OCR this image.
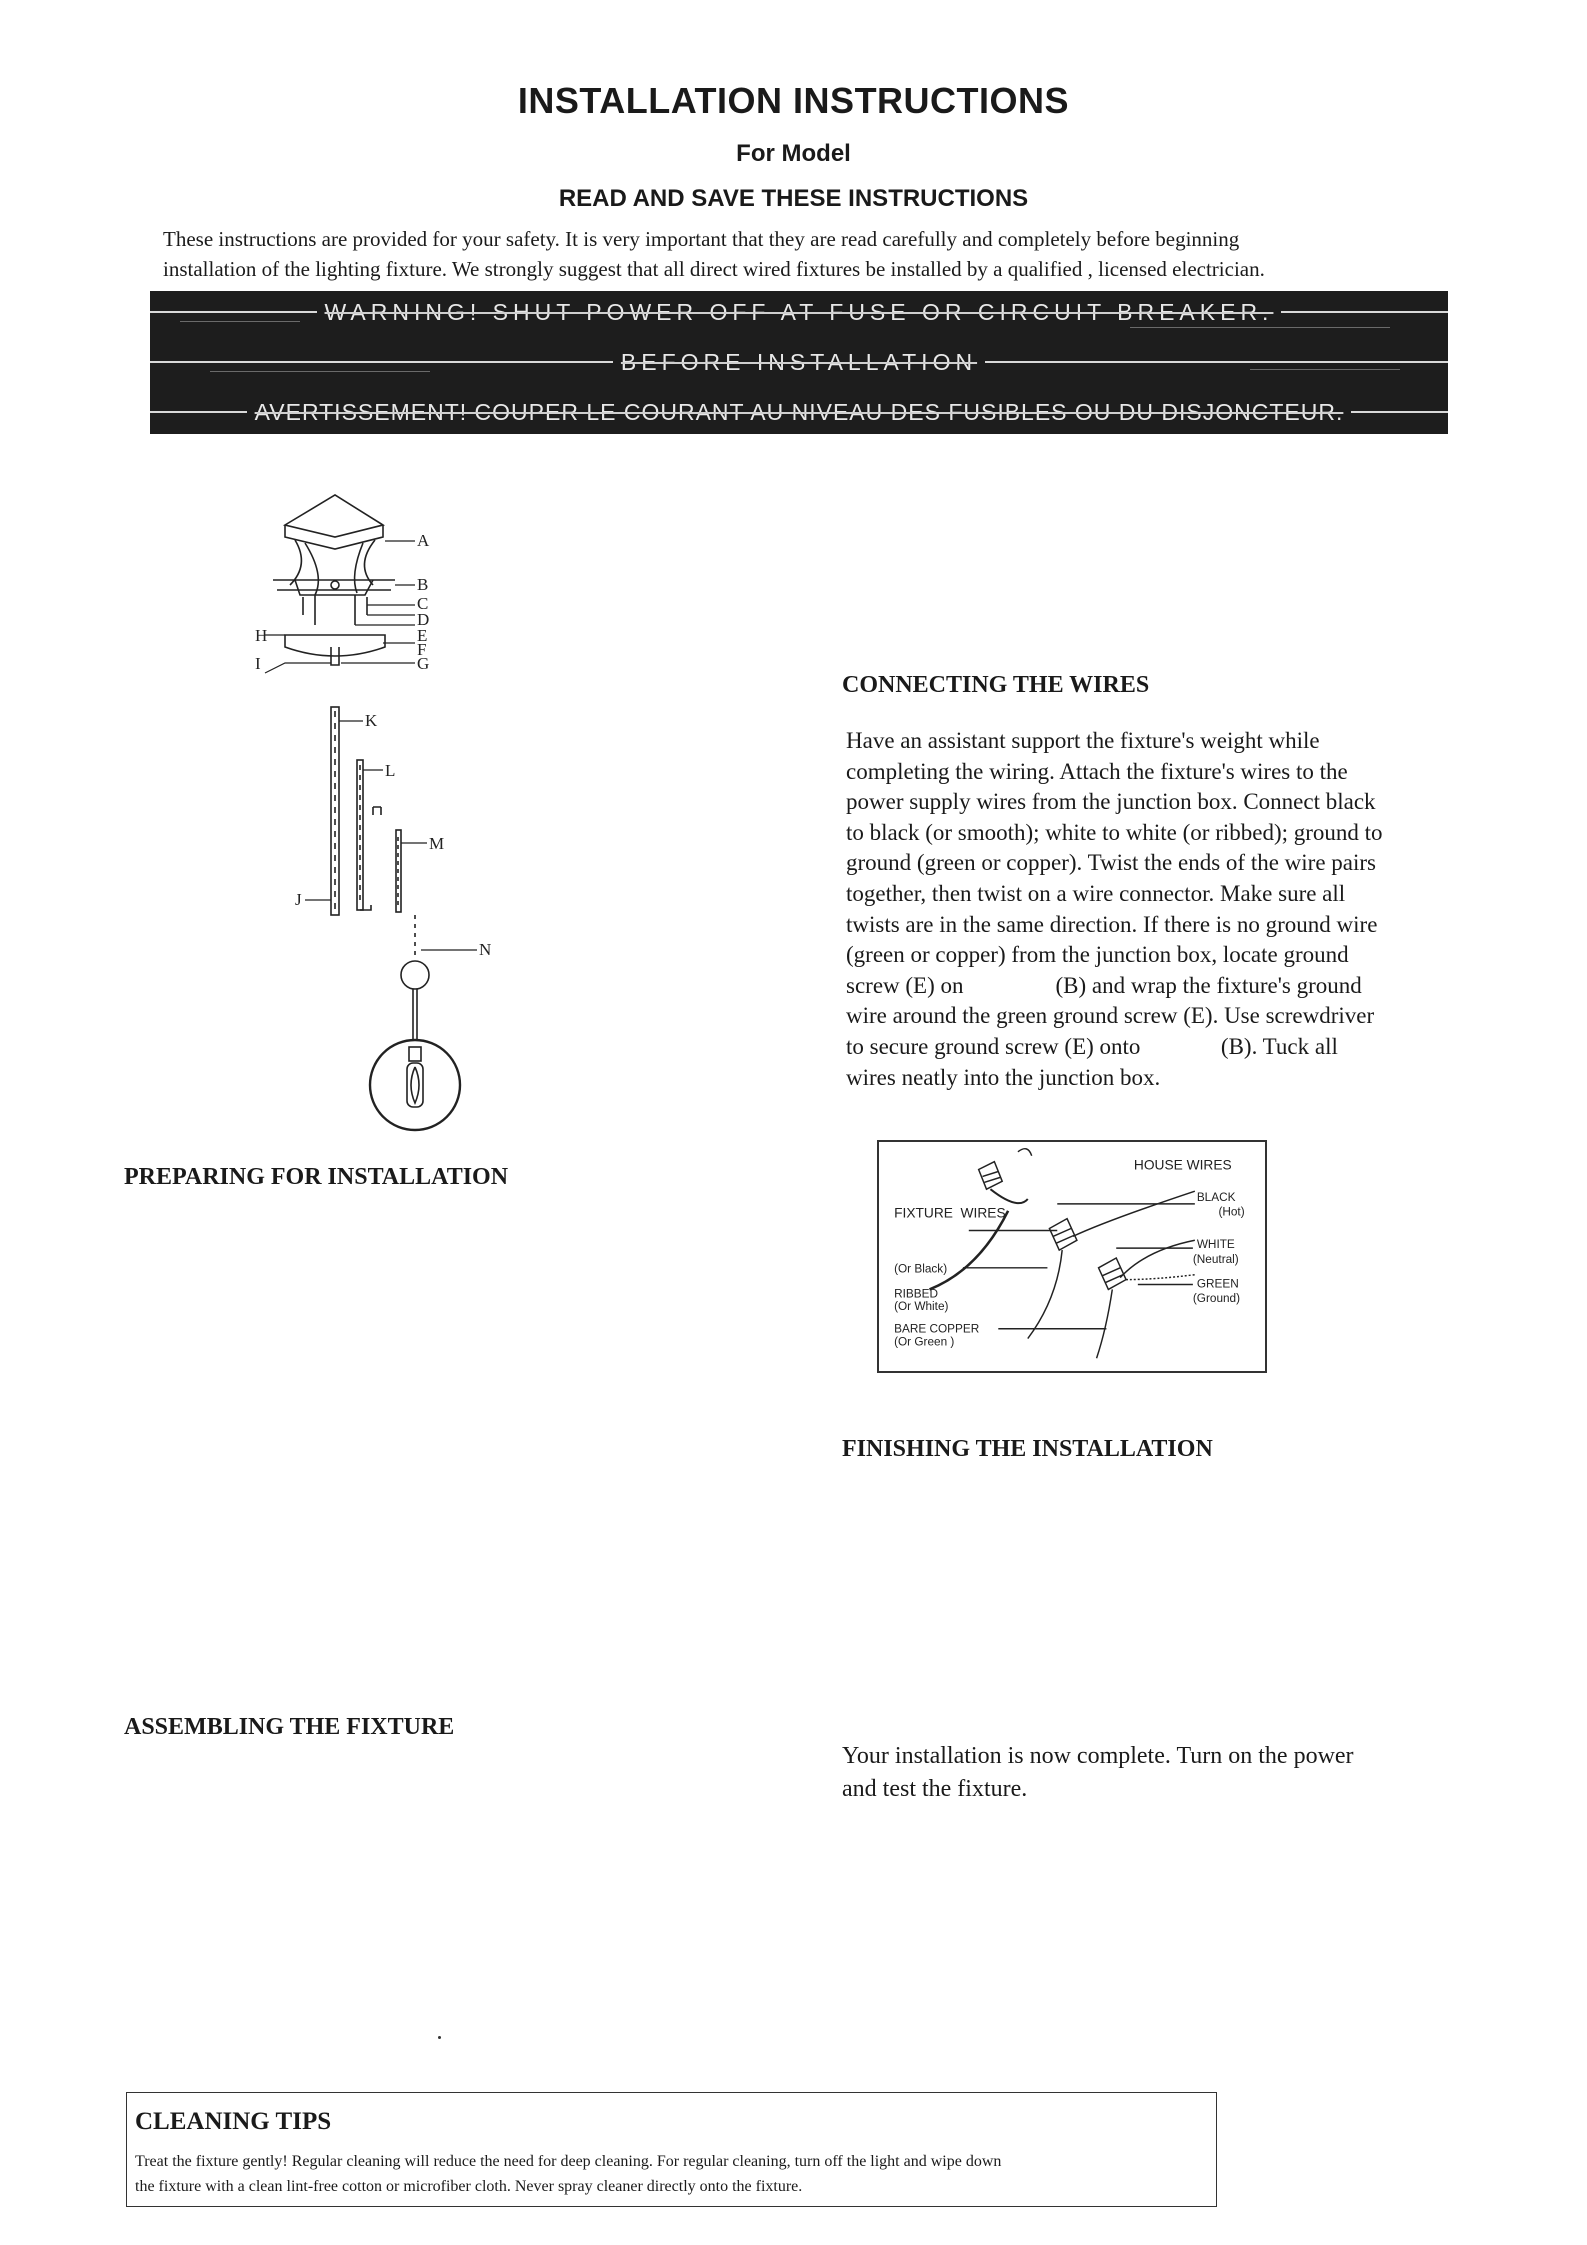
INSTALLATION INSTRUCTIONS
For Model
READ AND SAVE THESE INSTRUCTIONS
These instructions are provided for your safety. It is very important that they are read carefully and completely before beginning
installation of the lighting fixture. We strongly suggest that all direct wired fixtures be installed by a qualified , licensed electrician.
WARNING! SHUT POWER OFF AT FUSE OR CIRCUIT BREAKER.
BEFORE INSTALLATION
AVERTISSEMENT! COUPER LE COURANT AU NIVEAU DES FUSIBLES OU DU DISJONCTEUR.
A
B
C
D
E
F
G
H
I
J
K
L
M
N
CONNECTING THE WIRES
Have an assistant support the fixture's weight while
completing the wiring. Attach the fixture's wires to the
power supply wires from the junction box. Connect black
to black (or smooth); white to white (or ribbed); ground to
ground (green or copper). Twist the ends of the wire pairs
together, then twist on a wire connector. Make sure all
twists are in the same direction. If there is no ground wire
(green or copper) from the junction box, locate ground
screw (E) on                (B) and wrap the fixture's ground
wire around the green ground screw (E). Use screwdriver
to secure ground screw (E) onto              (B). Tuck all
wires neatly into the junction box.
PREPARING FOR INSTALLATION	HOUSE WIRES
BLACK
(Hot)
WHITE
(Neutral)
GREEN
(Ground)
FIXTURE  WIRES
(Or Black)
RIBBED
(Or White)
BARE COPPER
(Or Green )
FINISHING THE INSTALLATION
ASSEMBLING THE FIXTURE
Your installation is now complete. Turn on the power
and test the fixture.
CLEANING TIPS
Treat the fixture gently! Regular cleaning will reduce the need for deep cleaning. For regular cleaning, turn off the light and wipe down
the fixture with a clean lint-free cotton or microfiber cloth. Never spray cleaner directly onto the fixture.
